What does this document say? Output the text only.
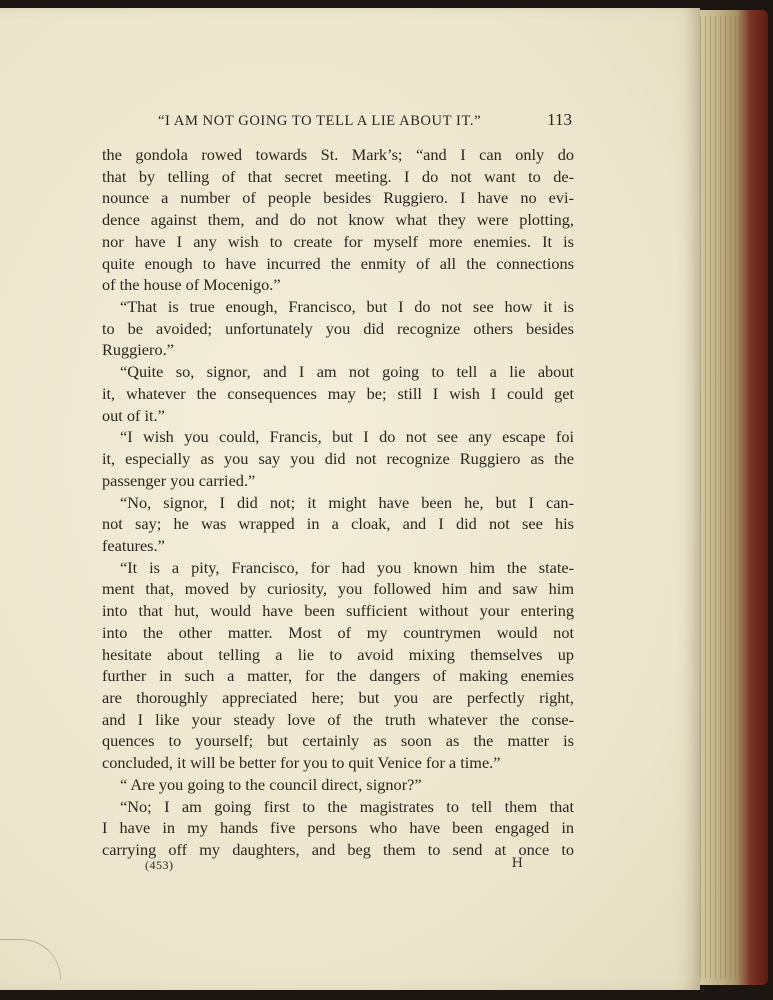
“I AM NOT GOING TO TELL A LIE ABOUT IT.”	113
the gondola rowed towards St. Mark’s; “and I can only do
that by telling of that secret meeting. I do not want to de-
nounce a number of people besides Ruggiero. I have no evi-
dence against them, and do not know what they were plotting,
nor have I any wish to create for myself more enemies. It is
quite enough to have incurred the enmity of all the connections
of the house of Mocenigo.”
“That is true enough, Francisco, but I do not see how it is
to be avoided; unfortunately you did recognize others besides
Ruggiero.”
“Quite so, signor, and I am not going to tell a lie about
it, whatever the consequences may be; still I wish I could get
out of it.”
“I wish you could, Francis, but I do not see any escape foi
it, especially as you say you did not recognize Ruggiero as the
passenger you carried.”
“No, signor, I did not; it might have been he, but I can-
not say; he was wrapped in a cloak, and I did not see his
features.”
“It is a pity, Francisco, for had you known him the state-
ment that, moved by curiosity, you followed him and saw him
into that hut, would have been sufficient without your entering
into the other matter. Most of my countrymen would not
hesitate about telling a lie to avoid mixing themselves up
further in such a matter, for the dangers of making enemies
are thoroughly appreciated here; but you are perfectly right,
and I like your steady love of the truth whatever the conse-
quences to yourself; but certainly as soon as the matter is
concluded, it will be better for you to quit Venice for a time.”
“ Are you going to the council direct, signor?”
“No; I am going first to the magistrates to tell them that
I have in my hands five persons who have been engaged in
carrying off my daughters, and beg them to send at once to
(453)	H
